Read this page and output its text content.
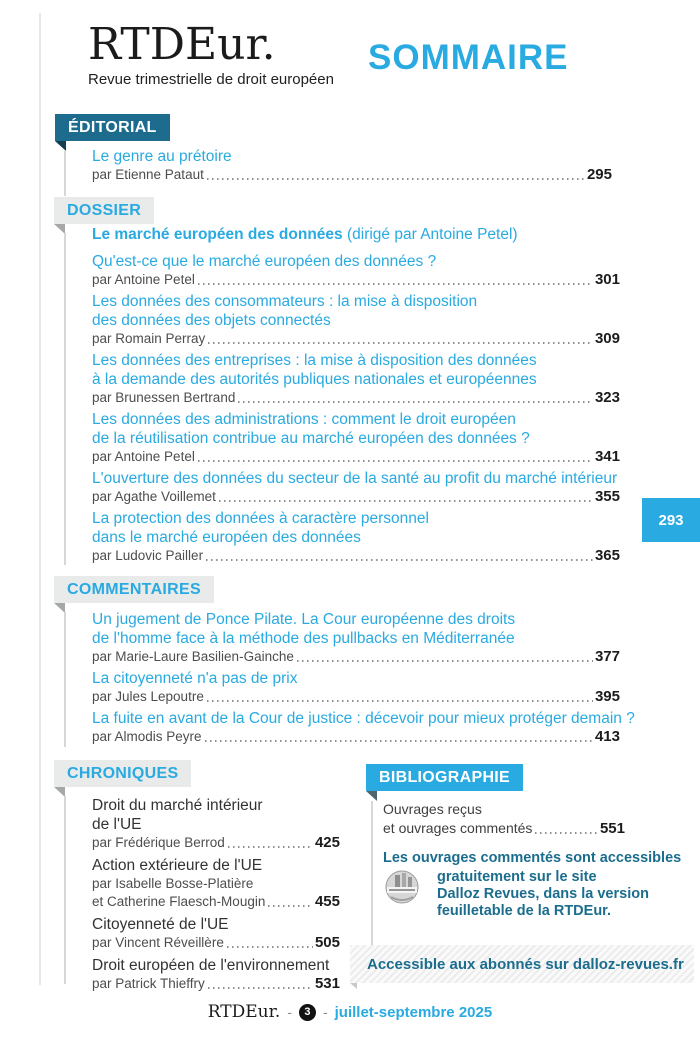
RTDEur.
Revue trimestrielle de droit européen
SOMMAIRE
ÉDITORIAL
Le genre au prétoire
par Etienne Pataut	295
DOSSIER
Le marché européen des données (dirigé par Antoine Petel)
Qu'est-ce que le marché européen des données ?
par Antoine Petel	301
Les données des consommateurs : la mise à disposition
des données des objets connectés
par Romain Perray	309
Les données des entreprises : la mise à disposition des données
à la demande des autorités publiques nationales et européennes
par Brunessen Bertrand	323
Les données des administrations : comment le droit européen
de la réutilisation contribue au marché européen des données ?
par Antoine Petel	341
L'ouverture des données du secteur de la santé au profit du marché intérieur
par Agathe Voillemet	355
La protection des données à caractère personnel
dans le marché européen des données
par Ludovic Pailler	365
293
COMMENTAIRES
Un jugement de Ponce Pilate. La Cour européenne des droits
de l'homme face à la méthode des pullbacks en Méditerranée
par Marie-Laure Basilien-Gainche	377
La citoyenneté n'a pas de prix
par Jules Lepoutre	395
La fuite en avant de la Cour de justice : décevoir pour mieux protéger demain ?
par Almodis Peyre	413
CHRONIQUES
Droit du marché intérieur
de l'UE
par Frédérique Berrod	425
Action extérieure de l'UE
par Isabelle Bosse-Platière
et Catherine Flaesch-Mougin	455
Citoyenneté de l'UE
par Vincent Réveillère	505
Droit européen de l'environnement
par Patrick Thieffry	531
BIBLIOGRAPHIE
Ouvrages reçus
et ouvrages commentés	551
Les ouvrages commentés sont accessibles
gratuitement sur le site
Dalloz Revues, dans la version
feuilletable de la RTDEur.
Accessible aux abonnés sur dalloz-revues.fr
RTDEur. -	3 - juillet-septembre 2025
